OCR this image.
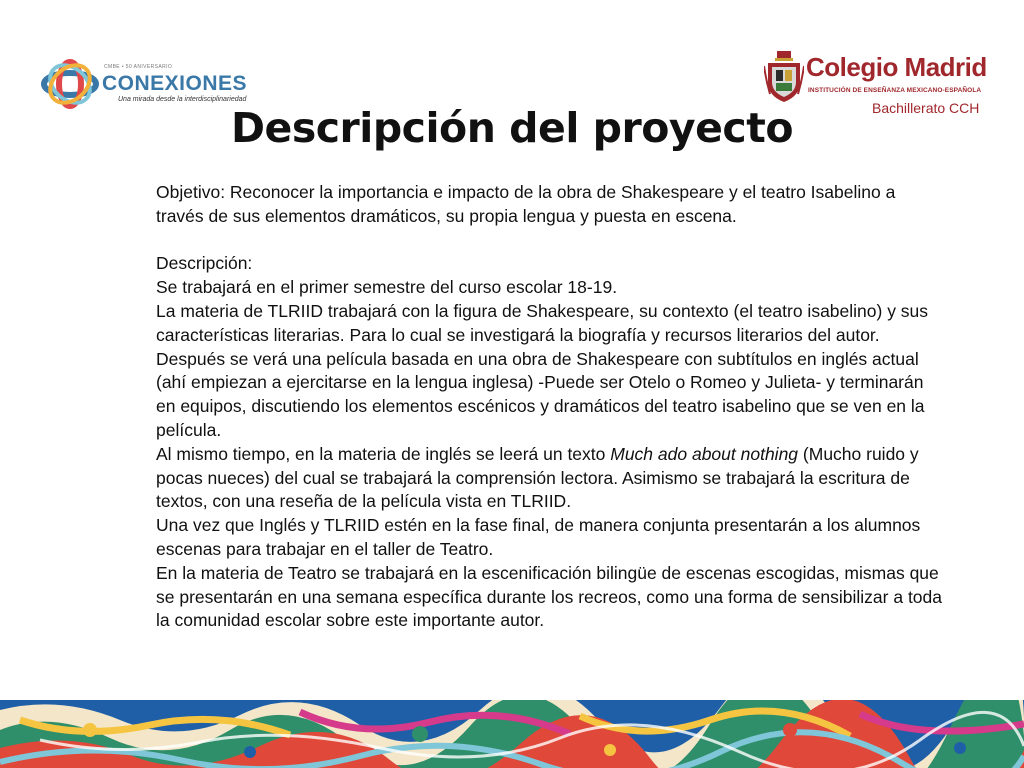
CMBE • 50 ANIVERSARIO
CONEXIONES
Una mirada desde la interdisciplinariedad
Colegio Madrid
INSTITUCIÓN DE ENSEÑANZA MEXICANO-ESPAÑOLA
Bachillerato CCH
Descripción del proyecto

Objetivo: Reconocer la importancia e impacto de la obra de Shakespeare y el teatro Isabelino a través de sus elementos dramáticos, su propia lengua y puesta en escena.

Descripción:

Se trabajará en el primer semestre del curso escolar 18-19.

La materia de TLRIID trabajará con la figura de Shakespeare, su contexto (el teatro isabelino) y sus características literarias. Para lo cual se investigará la biografía y recursos literarios del autor. Después se verá una película basada en una obra de Shakespeare con subtítulos en inglés actual (ahí empiezan a ejercitarse en la lengua inglesa) -Puede ser Otelo o Romeo y Julieta- y terminarán en equipos, discutiendo los elementos escénicos y dramáticos del teatro isabelino que se ven en la película.

Al mismo tiempo, en la materia de inglés se leerá un texto Much ado about nothing (Mucho ruido y pocas nueces) del cual se trabajará la comprensión lectora. Asimismo se trabajará la escritura de textos, con una reseña de la película vista en TLRIID.

Una vez que Inglés y TLRIID estén en la fase final, de manera conjunta presentarán a los alumnos escenas para trabajar en el taller de Teatro.

En la materia de Teatro se trabajará en la escenificación bilingüe de escenas escogidas, mismas que se presentarán en una semana específica durante los recreos, como una forma de sensibilizar a toda la comunidad escolar sobre este importante autor.
